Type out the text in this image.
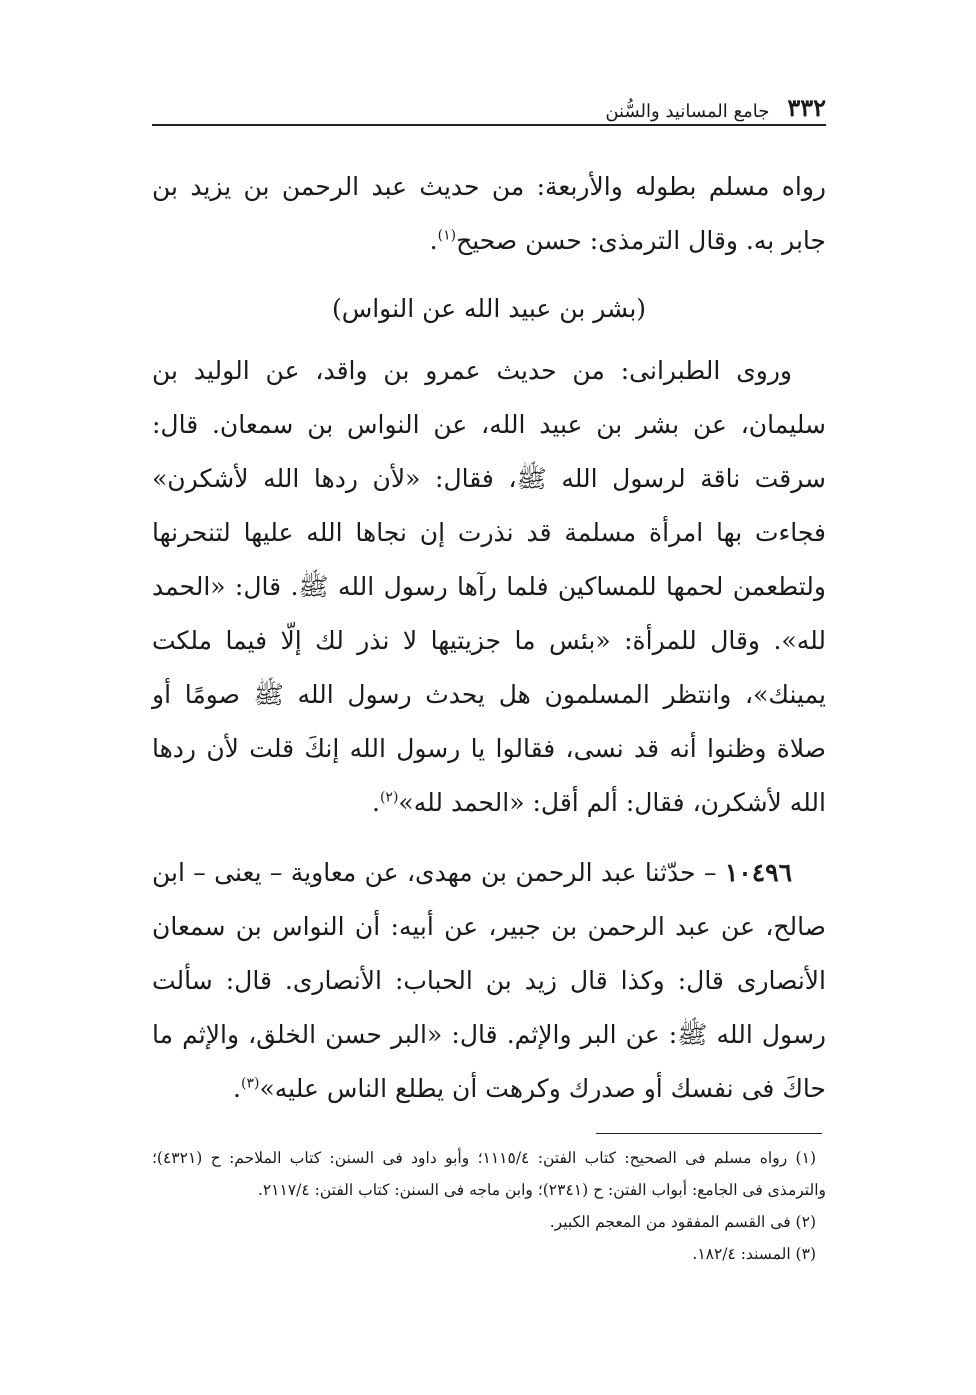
٣٣٢
جامع المسانيد والسُّنن

رواه مسلم بطوله والأربعة: من حديث عبد الرحمن بن يزيد بن جابر به. وقال الترمذى: حسن صحيح$^{(١)}$.

(بشر بن عبيد الله عن النواس)

وروى الطبرانى: من حديث عمرو بن واقد، عن الوليد بن سليمان، عن بشر بن عبيد الله، عن النواس بن سمعان. قال: سرقت ناقة لرسول الله ﷺ، فقال: «لأن ردها الله لأشكرن» فجاءت بها امرأة مسلمة قد نذرت إن نجاها الله عليها لتنحرنها ولتطعمن لحمها للمساكين فلما رآها رسول الله ﷺ. قال: «الحمد لله». وقال للمرأة: «بئس ما جزيتيها لا نذر لك إلّا فيما ملكت يمينك»، وانتظر المسلمون هل يحدث رسول الله ﷺ صومًا أو صلاة وظنوا أنه قد نسى، فقالوا يا رسول الله إنكَ قلت لأن ردها الله لأشكرن، فقال: ألم أقل: «الحمد لله»$^{(٢)}$.

١٠٤٩٦ – حدّثنا عبد الرحمن بن مهدى، عن معاوية – يعنى – ابن صالح، عن عبد الرحمن بن جبير، عن أبيه: أن النواس بن سمعان الأنصارى قال: وكذا قال زيد بن الحباب: الأنصارى. قال: سألت رسول الله ﷺ: عن البر والإثم. قال: «البر حسن الخلق، والإثم ما حاكَ فى نفسك أو صدرك وكرهت أن يطلع الناس عليه»$^{(٣)}$.

(١) رواه مسلم فى الصحيح: كتاب الفتن: ١١١٥/٤؛ وأبو داود فى السنن: كتاب الملاحم: ح (٤٣٢١)؛ والترمذى فى الجامع: أبواب الفتن: ح (٢٣٤١)؛ وابن ماجه فى السنن: كتاب الفتن: ٢١١٧/٤.

(٢) فى القسم المفقود من المعجم الكبير.

(٣) المسند: ١٨٢/٤.
